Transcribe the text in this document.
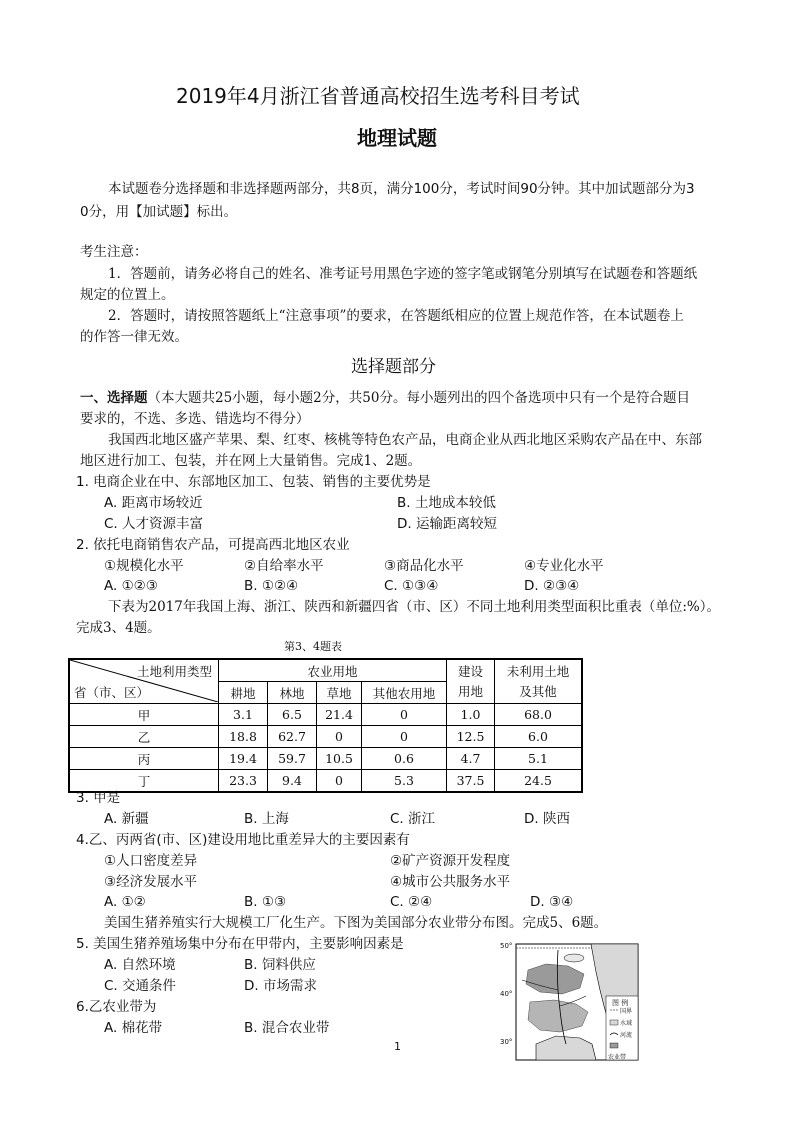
2019年4月浙江省普通高校招生选考科目考试
地理试题
本试题卷分选择题和非选择题两部分，共8页，满分100分，考试时间90分钟。其中加试题部分为3
0分，用【加试题】标出。
考生注意：
1．答题前，请务必将自己的姓名、准考证号用黑色字迹的签字笔或钢笔分别填写在试题卷和答题纸
规定的位置上。
2．答题时，请按照答题纸上“注意事项”的要求，在答题纸相应的位置上规范作答，在本试题卷上
的作答一律无效。
选择题部分
一、选择题（本大题共25小题，每小题2分，共50分。每小题列出的四个备选项中只有一个是符合题目
要求的，不选、多选、错选均不得分）
我国西北地区盛产苹果、梨、红枣、核桃等特色农产品，电商企业从西北地区采购农产品在中、东部
地区进行加工、包装，并在网上大量销售。完成1、2题。
1. 电商企业在中、东部地区加工、包装、销售的主要优势是
A. 距离市场较近	B. 土地成本较低
C. 人才资源丰富	D. 运输距离较短
2. 依托电商销售农产品，可提高西北地区农业
①规模化水平	②自给率水平	③商品化水平	④专业化水平
A. ①②③	B. ①②④	C. ①③④	D. ②③④
下表为2017年我国上海、浙江、陕西和新疆四省（市、区）不同土地利用类型面积比重表（单位:%）。
完成3、4题。
第3、4题表
土地利用类型
省（市、区）	农业用地				建设
用地	未利用土地
及其他
	耕地	林地	草地	其他农用地		
甲	3.1	6.5	21.4	0	1.0	68.0
乙	18.8	62.7	0	0	12.5	6.0
丙	19.4	59.7	10.5	0.6	4.7	5.1
丁	23.3	9.4	0	5.3	37.5	24.5
3. 甲是
A. 新疆	B. 上海	C. 浙江	D. 陕西
4.乙、丙两省(市、区)建设用地比重差异大的主要因素有
①人口密度差异	②矿产资源开发程度
③经济发展水平	④城市公共服务水平
A. ①②	B. ①③	C. ②④	D. ③④
美国生猪养殖实行大规模工厂化生产。下图为美国部分农业带分布图。完成5、6题。
5. 美国生猪养殖场集中分布在甲带内，主要影响因素是
A. 自然环境	B. 饲料供应
C. 交通条件	D. 市场需求
6.乙农业带为
A. 棉花带	B. 混合农业带
50°
40°
30°
图 例
国界
水域
河流
农业带
1
